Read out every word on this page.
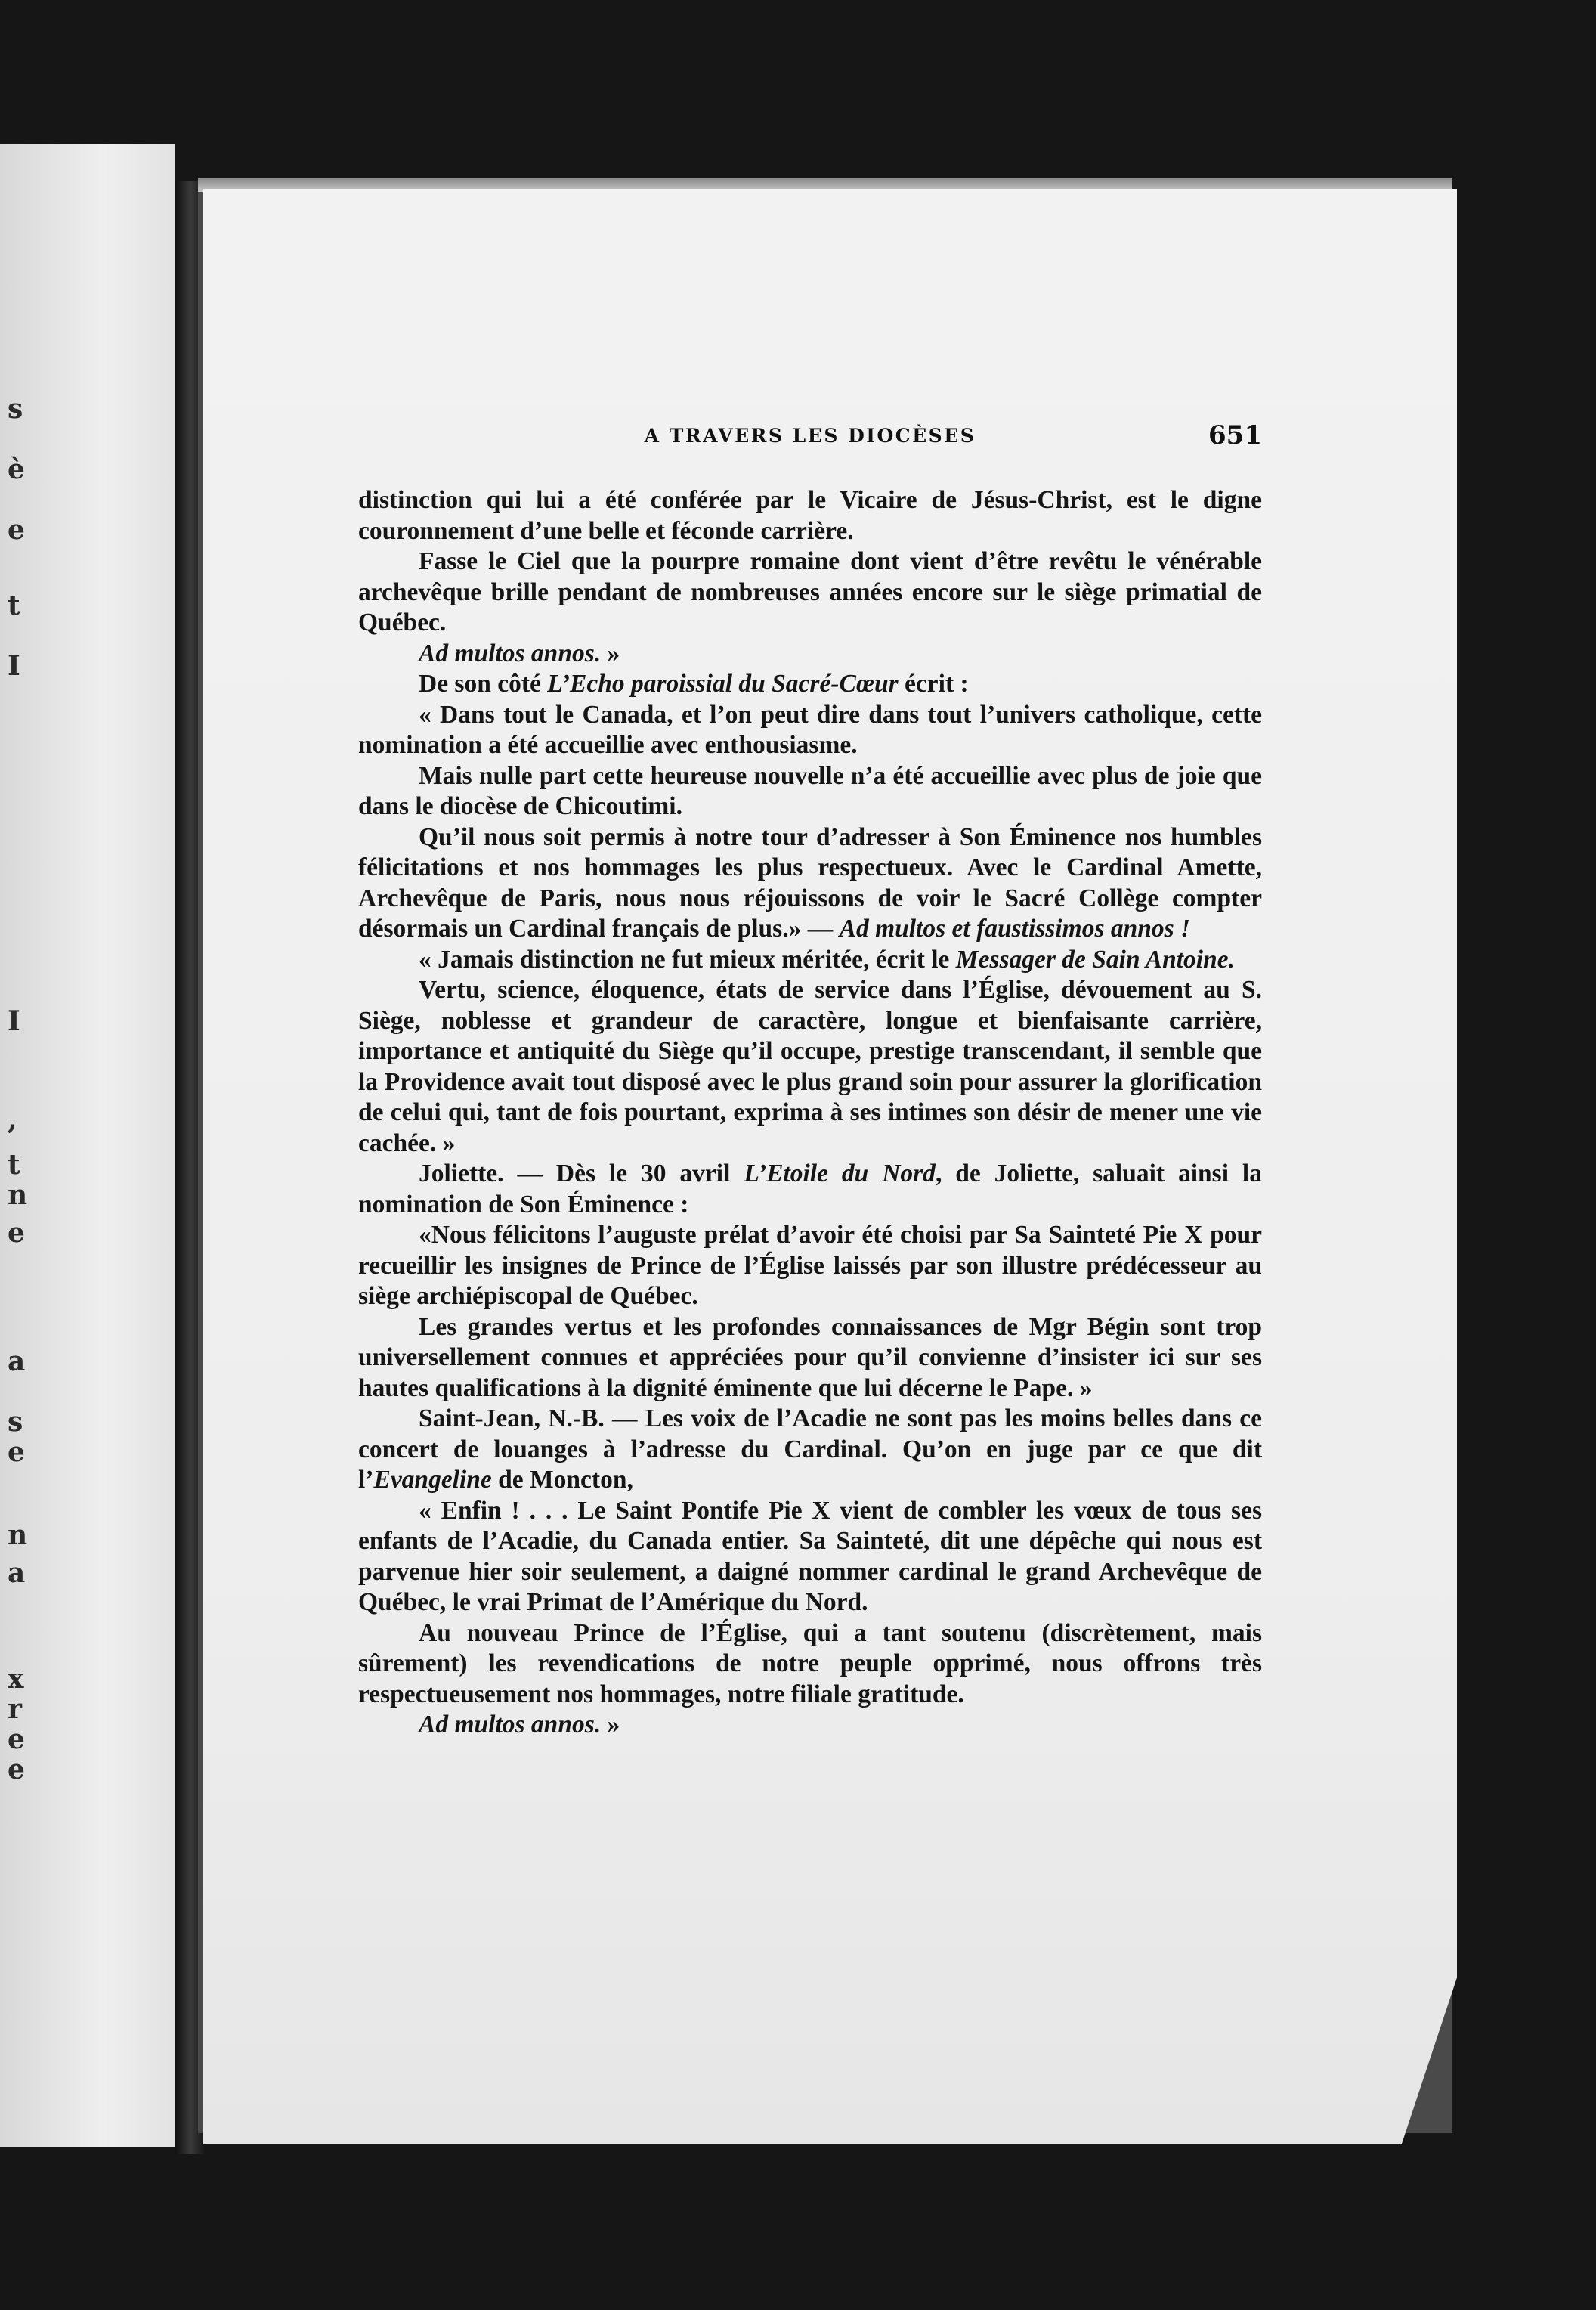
s
è
e
t
I
I
,
t
n
e
a
s
e
n
a
x
r
e
e
A TRAVERS LES DIOCÈSES	651

distinction qui lui a été conférée par le Vicaire de Jésus-Christ, est le digne couronnement d’une belle et féconde carrière.

Fasse le Ciel que la pourpre romaine dont vient d’être revêtu le vénérable archevêque brille pendant de nombreuses années encore sur le siège primatial de Québec.

Ad multos annos. »

De son côté L’Echo paroissial du Sacré-Cœur écrit :

« Dans tout le Canada, et l’on peut dire dans tout l’univers catholique, cette nomination a été accueillie avec enthousiasme.

Mais nulle part cette heureuse nouvelle n’a été accueillie avec plus de joie que dans le diocèse de Chicoutimi.

Qu’il nous soit permis à notre tour d’adresser à Son Éminence nos humbles félicitations et nos hommages les plus respectueux. Avec le Cardinal Amette, Archevêque de Paris, nous nous réjouissons de voir le Sacré Collège compter désormais un Cardinal français de plus.» — Ad multos et faustissimos annos !

« Jamais distinction ne fut mieux méritée, écrit le Messager de Sain Antoine.

Vertu, science, éloquence, états de service dans l’Église, dévouement au S. Siège, noblesse et grandeur de caractère, longue et bienfaisante carrière, importance et antiquité du Siège qu’il occupe, prestige transcendant, il semble que la Providence avait tout disposé avec le plus grand soin pour assurer la glorification de celui qui, tant de fois pourtant, exprima à ses intimes son désir de mener une vie cachée. »

Joliette. — Dès le 30 avril L’Etoile du Nord, de Joliette, saluait ainsi la nomination de Son Éminence :

«Nous félicitons l’auguste prélat d’avoir été choisi par Sa Sainteté Pie X pour recueillir les insignes de Prince de l’Église laissés par son illustre prédécesseur au siège archiépiscopal de Québec.

Les grandes vertus et les profondes connaissances de Mgr Bégin sont trop universellement connues et appréciées pour qu’il convienne d’insister ici sur ses hautes qualifications à la dignité éminente que lui décerne le Pape. »

Saint-Jean, N.-B. — Les voix de l’Acadie ne sont pas les moins belles dans ce concert de louanges à l’adresse du Cardinal. Qu’on en juge par ce que dit l’Evangeline de Moncton,

« Enfin ! . . . Le Saint Pontife Pie X vient de combler les vœux de tous ses enfants de l’Acadie, du Canada entier. Sa Sainteté, dit une dépêche qui nous est parvenue hier soir seulement, a daigné nommer cardinal le grand Archevêque de Québec, le vrai Primat de l’Amérique du Nord.

Au nouveau Prince de l’Église, qui a tant soutenu (discrètement, mais sûrement) les revendications de notre peuple opprimé, nous offrons très respectueusement nos hommages, notre filiale gratitude.

Ad multos annos. »
